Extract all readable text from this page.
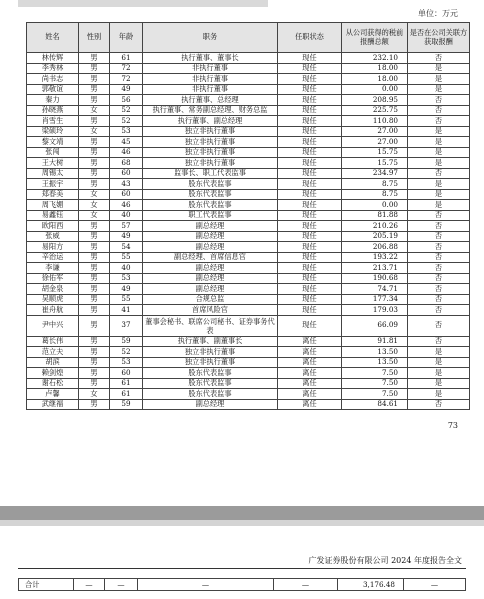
单位：万元
姓名	性别	年龄	职务	任职状态	从公司获得的税前报酬总额	是否在公司关联方获取报酬
林传辉	男	61	执行董事、董事长	现任	232.10	否
李秀林	男	72	非执行董事	现任	18.00	是
尚书志	男	72	非执行董事	现任	18.00	是
郭敬谊	男	49	非执行董事	现任	0.00	是
秦力	男	56	执行董事、总经理	现任	208.95	否
孙晓燕	女	52	执行董事、常务副总经理、财务总监	现任	225.75	否
肖雪生	男	52	执行董事、副总经理	现任	110.80	否
梁硕玲	女	53	独立非执行董事	现任	27.00	是
黎文靖	男	45	独立非执行董事	现任	27.00	是
张闯	男	46	独立非执行董事	现任	15.75	是
王大树	男	68	独立非执行董事	现任	15.75	是
周锡太	男	60	监事长、职工代表监事	现任	234.97	否
王振宇	男	43	股东代表监事	现任	8.75	是
郑春美	女	60	股东代表监事	现任	8.75	是
周飞媚	女	46	股东代表监事	现任	0.00	是
易鑫钰	女	40	职工代表监事	现任	81.88	否
欧阳西	男	57	副总经理	现任	210.26	否
张威	男	49	副总经理	现任	205.19	否
易阳方	男	54	副总经理	现任	206.88	否
辛治运	男	55	副总经理、首席信息官	现任	193.22	否
李谦	男	40	副总经理	现任	213.71	否
徐佑军	男	53	副总经理	现任	190.68	否
胡金泉	男	49	副总经理	现任	74.71	否
吴顺虎	男	55	合规总监	现任	177.34	否
崔舟航	男	41	首席风险官	现任	179.03	否
尹中兴	男	37	董事会秘书、联席公司秘书、证券事务代表	现任	66.09	否
葛长伟	男	59	执行董事、副董事长	离任	91.81	否
范立夫	男	52	独立非执行董事	离任	13.50	是
胡滨	男	53	独立非执行董事	离任	13.50	是
赖剑煌	男	60	股东代表监事	离任	7.50	是
谢石松	男	61	股东代表监事	离任	7.50	是
卢馨	女	61	股东代表监事	离任	7.50	是
武继福	男	59	副总经理	离任	84.61	否
73
广发证券股份有限公司 2024 年度报告全文
合计	—	—	—	—	3,176.48	—
